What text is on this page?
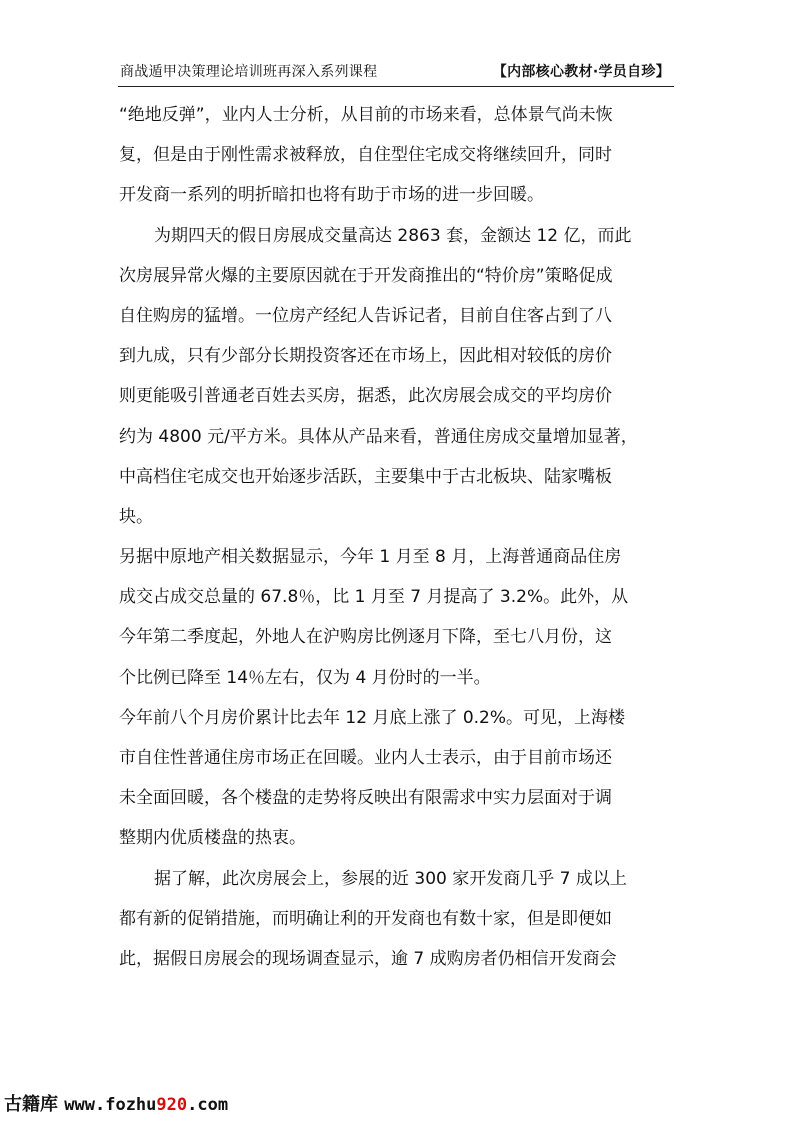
商战遁甲决策理论培训班再深入系列课程	【内部核心教材·学员自珍】
“绝地反弹”，业内人士分析，从目前的市场来看，总体景气尚未恢
复，但是由于刚性需求被释放，自住型住宅成交将继续回升，同时
开发商一系列的明折暗扣也将有助于市场的进一步回暖。
为期四天的假日房展成交量高达 2863 套，金额达 12 亿，而此
次房展异常火爆的主要原因就在于开发商推出的“特价房”策略促成
自住购房的猛增。一位房产经纪人告诉记者，目前自住客占到了八
到九成，只有少部分长期投资客还在市场上，因此相对较低的房价
则更能吸引普通老百姓去买房，据悉，此次房展会成交的平均房价
约为 4800 元/平方米。具体从产品来看，普通住房成交量增加显著，
中高档住宅成交也开始逐步活跃，主要集中于古北板块、陆家嘴板
块。
另据中原地产相关数据显示，今年 1 月至 8 月，上海普通商品住房
成交占成交总量的 67.8％，比 1 月至 7 月提高了 3.2%。此外，从
今年第二季度起，外地人在沪购房比例逐月下降，至七八月份，这
个比例已降至 14％左右，仅为 4 月份时的一半。
今年前八个月房价累计比去年 12 月底上涨了 0.2%。可见，上海楼
市自住性普通住房市场正在回暖。业内人士表示，由于目前市场还
未全面回暖，各个楼盘的走势将反映出有限需求中实力层面对于调
整期内优质楼盘的热衷。
据了解，此次房展会上，参展的近 300 家开发商几乎 7 成以上
都有新的促销措施，而明确让利的开发商也有数十家，但是即便如
此，据假日房展会的现场调查显示，逾 7 成购房者仍相信开发商会
古籍库 www.fozhu920.com
